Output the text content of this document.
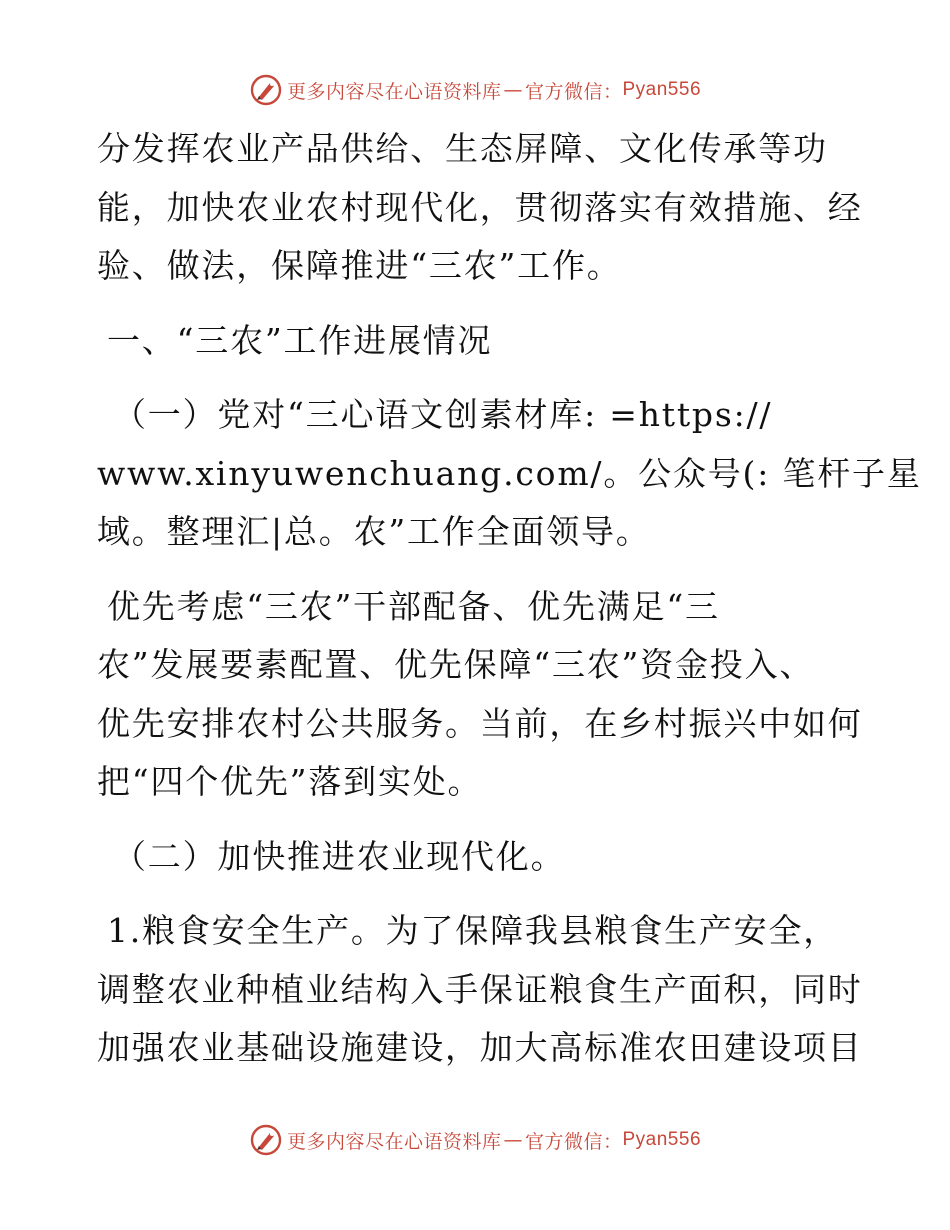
更多内容尽在心语资料库 — 官方微信： Pyan556
分发挥农业产品供给、生态屏障、文化传承等功
能，加快农业农村现代化，贯彻落实有效措施、经
验、做法，保障推进“三农”工作。
一、“三农”工作进展情况
（一）党对“三心语文创素材库: =https://
www.xinyuwenchuang.com/。公众号(: 笔杆子星
域。整理汇|总。农”工作全面领导。
优先考虑“三农”干部配备、优先满足“三
农”发展要素配置、优先保障“三农”资金投入、
优先安排农村公共服务。当前，在乡村振兴中如何
把“四个优先”落到实处。
（二）加快推进农业现代化。
1.粮食安全生产。为了保障我县粮食生产安全，
调整农业种植业结构入手保证粮食生产面积，同时
加强农业基础设施建设，加大高标准农田建设项目
更多内容尽在心语资料库 — 官方微信： Pyan556
